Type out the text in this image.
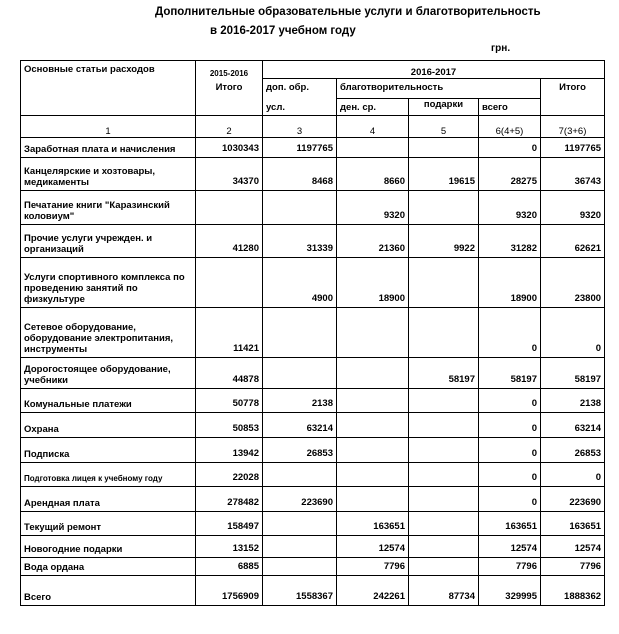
Дополнительные образовательные услуги и благотворительность
в 2016-2017 учебном году
грн.
Основные статьи расходов	2015-2016	2016-2017				
	Итого	доп. обр.	благотворительность			Итого
		усл.	ден. ср.	подарки	всего	
1	2	3	4	5	6(4+5)	7(3+6)
Заработная плата и начисления	1030343	1197765			0	1197765
Канцелярские и хозтовары, медикаменты	34370	8468	8660	19615	28275	36743
Печатание книги "Каразинский коловиум"			9320		9320	9320
Прочие услуги учрежден. и организаций	41280	31339	21360	9922	31282	62621
Услуги спортивного комплекса по проведению занятий по физкультуре		4900	18900		18900	23800
Сетевое оборудование, оборудование электропитания, инструменты	11421				0	0
Дорогостоящее оборудование, учебники	44878			58197	58197	58197
Комунальные платежи	50778	2138			0	2138
Охрана	50853	63214			0	63214
Подписка	13942	26853			0	26853
Подготовка лицея к учебному году	22028				0	0
Арендная плата	278482	223690			0	223690
Текущий ремонт	158497		163651		163651	163651
Новогодние подарки	13152		12574		12574	12574
Вода ордана	6885		7796		7796	7796
Всего	1756909	1558367	242261	87734	329995	1888362
